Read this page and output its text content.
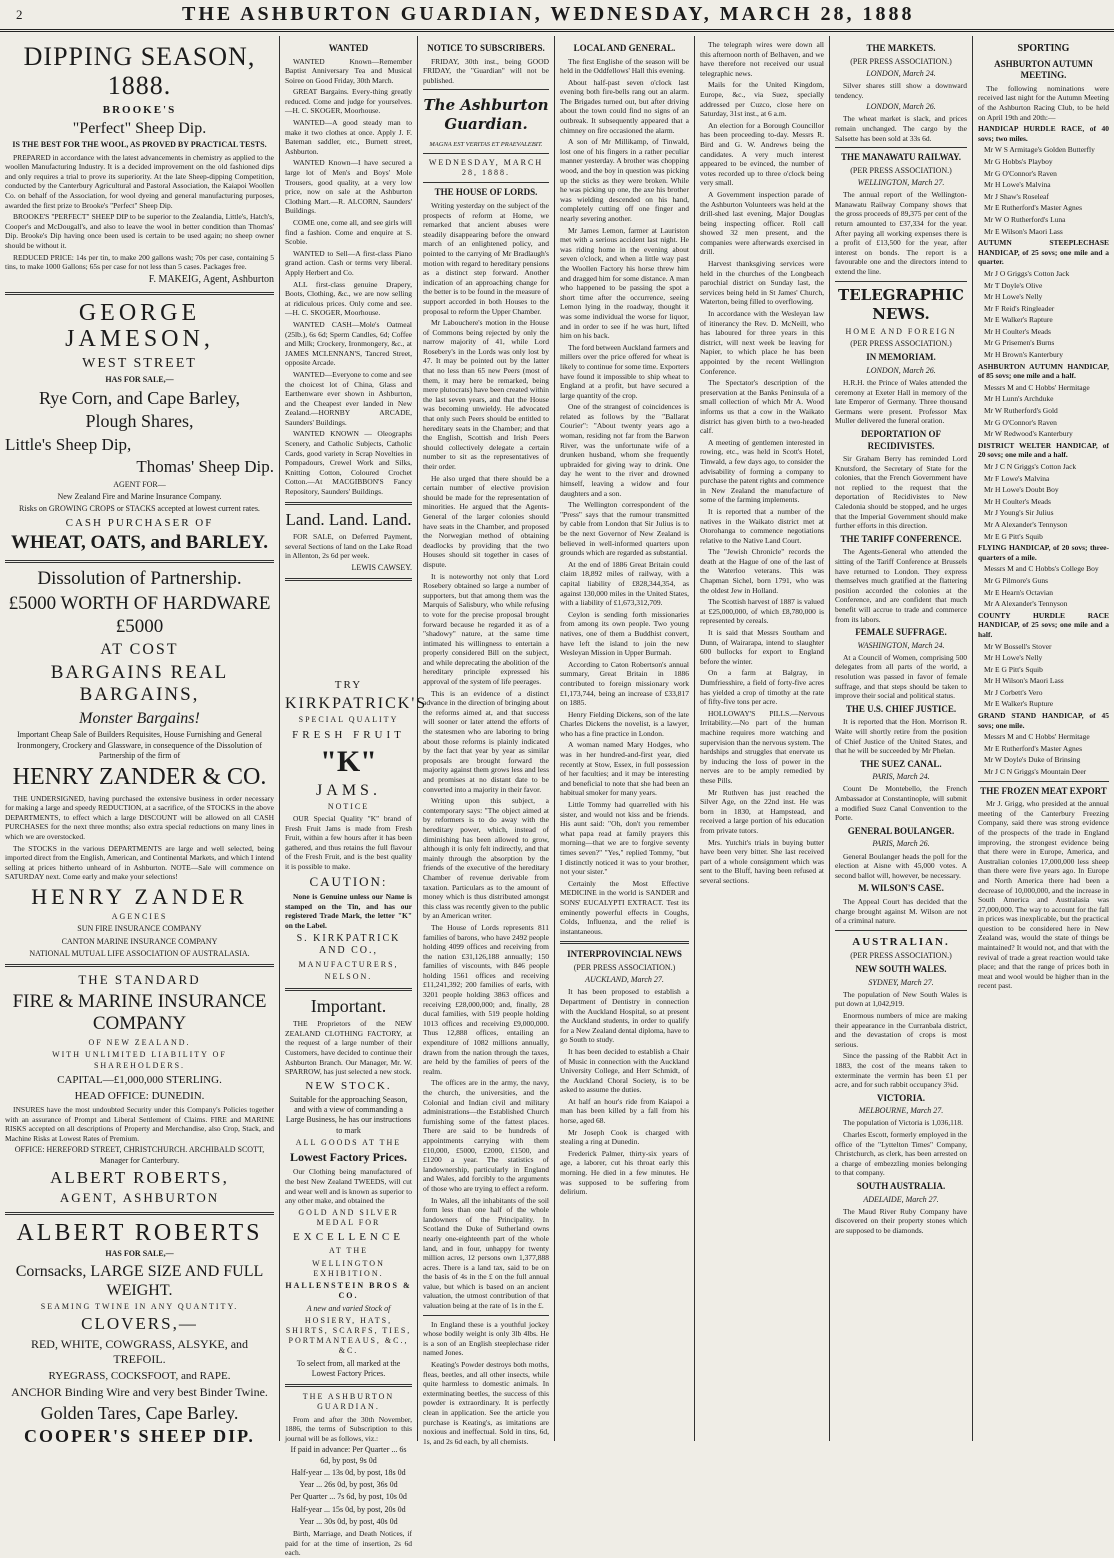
2	THE ASHBURTON GUARDIAN, WEDNESDAY, MARCH 28, 1888
DIPPING SEASON, 1888.
BROOKE'S
"Perfect" Sheep Dip.
IS THE BEST FOR THE WOOL, AS PROVED BY PRACTICAL TESTS.
PREPARED in accordance with the latest advancements in chemistry as applied to the woollen Manufacturing Industry. It is a decided improvement on the old fashioned dips and only requires a trial to prove its superiority. At the late Sheep-dipping Competition, conducted by the Canterbury Agricultural and Pastoral Association, the Kaiapoi Woollen Co. on behalf of the Association, for wool dyeing and general manufacturing purposes, awarded the first prize to Brooke's "Perfect" Sheep Dip.
BROOKE'S "PERFECT" SHEEP DIP to be superior to the Zealandia, Little's, Hatch's, Cooper's and McDougall's, and also to leave the wool in better condition than Thomas' Dip. Brooke's Dip having once been used is certain to be used again; no sheep owner should be without it.
REDUCED PRICE: 14s per tin, to make 200 gallons wash; 70s per case, containing 5 tins, to make 1000 Gallons; 65s per case for not less than 5 cases. Packages free.
F. MAKEIG, Agent, Ashburton
GEORGE JAMESON,
WEST STREET
HAS FOR SALE,—
Rye Corn, and Cape Barley,
Plough Shares,
Little's Sheep Dip,
Thomas' Sheep Dip.
AGENT FOR—
New Zealand Fire and Marine Insurance Company.
Risks on GROWING CROPS or STACKS accepted at lowest current rates.
CASH PURCHASER OF
WHEAT, OATS, and BARLEY.
Dissolution of Partnership.
£5000 WORTH OF HARDWARE £5000
AT COST
BARGAINS REAL BARGAINS,
Monster Bargains!
Important Cheap Sale of Builders Requisites, House Furnishing and General Ironmongery, Crockery and Glassware, in consequence of the Dissolution of Partnership of the firm of
HENRY ZANDER & CO.
THE UNDERSIGNED, having purchased the extensive business in order necessary for making a large and speedy REDUCTION, at a sacrifice, of the STOCKS in the above DEPARTMENTS, to effect which a large DISCOUNT will be allowed on all CASH PURCHASES for the next three months; also extra special reductions on many lines in which we are overstocked.
The STOCKS in the various DEPARTMENTS are large and well selected, being imported direct from the English, American, and Continental Markets, and which I intend selling at prices hitherto unheard of in Ashburton. NOTE—Sale will commence on SATURDAY next. Come early and make your selections!
HENRY ZANDER
AGENCIES
SUN FIRE INSURANCE COMPANY
CANTON MARINE INSURANCE COMPANY
NATIONAL MUTUAL LIFE ASSOCIATION OF AUSTRALASIA.
THE STANDARD
FIRE & MARINE INSURANCE COMPANY
OF NEW ZEALAND.
WITH UNLIMITED LIABILITY OF SHAREHOLDERS.
CAPITAL—£1,000,000 STERLING.
HEAD OFFICE: DUNEDIN.
INSURES have the most undoubted Security under this Company's Policies together with an assurance of Prompt and Liberal Settlement of Claims. FIRE and MARINE RISKS accepted on all descriptions of Property and Merchandise, also Crop, Stack, and Machine Risks at Lowest Rates of Premium.
OFFICE: HEREFORD STREET, CHRISTCHURCH. ARCHIBALD SCOTT, Manager for Canterbury.
ALBERT ROBERTS,
AGENT, ASHBURTON
ALBERT ROBERTS
HAS FOR SALE,—
Cornsacks, LARGE SIZE AND FULL WEIGHT.
SEAMING TWINE IN ANY QUANTITY.
CLOVERS,—
RED, WHITE, COWGRASS, ALSYKE, and TREFOIL.
RYEGRASS, COCKSFOOT, and RAPE.
ANCHOR Binding Wire and very best Binder Twine.
Golden Tares, Cape Barley.
COOPER'S SHEEP DIP.
WANTED
WANTED Known—Remember Baptist Anniversary Tea and Musical Soiree on Good Friday, 30th March.
GREAT Bargains. Every-thing greatly reduced. Come and judge for yourselves.—H. C. SKOGER, Moorhouse.
WANTED—A good steady man to make it two clothes at once. Apply J. F. Bateman saddler, etc., Burnett street, Ashburton.
WANTED Known—I have secured a large lot of Men's and Boys' Mole Trousers, good quality, at a very low price, now on sale at the Ashburton Clothing Mart.—R. ALCORN, Saunders' Buildings.
COME one, come all, and see girls will find a fashion. Come and enquire at S. Scobie.
WANTED to Sell—A first-class Piano grand action. Cash or terms very liberal. Apply Herbert and Co.
ALL first-class genuine Drapery, Boots, Clothing, &c., we are now selling at ridiculous prices. Only come and see.—H. C. SKOGER, Moorhouse.
WANTED CASH—Mole's Oatmeal (25lb.), 6s 6d; Sperm Candles, 6d; Coffee and Milk; Crockery, Ironmongery, &c., at JAMES MCLENNAN'S, Tancred Street, opposite Arcade.
WANTED—Everyone to come and see the choicest lot of China, Glass and Earthenware ever shown in Ashburton, and the Cheapest ever landed in New Zealand.—HORNBY ARCADE, Saunders' Buildings.
WANTED KNOWN — Oleographs Scenery, and Catholic Subjects, Catholic Cards, good variety in Scrap Novelties in Pompadours, Crewel Work and Silks, Knitting Cotton, Coloured Crochet Cotton.—At MACGIBBON'S Fancy Repository, Saunders' Buildings.
Land. Land. Land.
FOR SALE, on Deferred Payment, several Sections of land on the Lake Road in Allenton, 2s 6d per week.
LEWIS CAWSEY.
TRY
KIRKPATRICK'S
SPECIAL QUALITY
FRESH FRUIT
"K"
JAMS.
NOTICE
OUR Special Quality "K" brand of Fresh Fruit Jams is made from Fresh Fruit, within a few hours after it has been gathered, and thus retains the full flavour of the Fresh Fruit, and is the best quality it is possible to make.
CAUTION:
None is Genuine unless our Name is stamped on the Tin, and has our registered Trade Mark, the letter "K" on the Label.
S. KIRKPATRICK AND CO.,
MANUFACTURERS,
NELSON.
Important.
THE Proprietors of the NEW ZEALAND CLOTHING FACTORY, at the request of a large number of their Customers, have decided to continue their Ashburton Branch. Our Manager, Mr. W. SPARROW, has just selected a new stock.
NEW STOCK.
Suitable for the approaching Season, and with a view of commanding a Large Business, he has our instructions to mark
ALL GOODS AT THE
Lowest Factory Prices.
Our Clothing being manufactured of the best New Zealand TWEEDS, will cut and wear well and is known as superior to any other make, and obtained the
GOLD AND SILVER MEDAL FOR
EXCELLENCE
AT THE
WELLINGTON EXHIBITION.
HALLENSTEIN BROS & CO.
A new and varied Stock of
HOSIERY, HATS, SHIRTS, SCARFS, TIES, PORTMANTEAUS, &C., &C.
To select from, all marked at the Lowest Factory Prices.
THE ASHBURTON GUARDIAN.
From and after the 30th November, 1886, the terms of Subscription to this journal will be as follows, viz.:
If paid in advance: Per Quarter ... 6s 6d, by post, 9s 0d
Half-year ... 13s 0d, by post, 18s 0d
Year ... 26s 0d, by post, 36s 0d
Per Quarter ... 7s 6d, by post, 10s 0d
Half-year ... 15s 0d, by post, 20s 0d
Year ... 30s 0d, by post, 40s 0d
Birth, Marriage, and Death Notices, if paid for at the time of insertion, 2s 6d each.
NOTICE TO SUBSCRIBERS.
FRIDAY, 30th inst., being GOOD FRIDAY, the "Guardian" will not be published.
The Ashburton Guardian.
MAGNA EST VERITAS ET PRAEVALEBIT.
WEDNESDAY, MARCH 28, 1888.
THE HOUSE OF LORDS.
Writing yesterday on the subject of the prospects of reform at Home, we remarked that ancient abuses were steadily disappearing before the onward march of an enlightened policy, and pointed to the carrying of Mr Bradlaugh's motion with regard to hereditary pensions as a distinct step forward. Another indication of an approaching change for the better is to be found in the measure of support accorded in both Houses to the proposal to reform the Upper Chamber.
Mr Labouchere's motion in the House of Commons being rejected by only the narrow majority of 41, while Lord Rosebery's in the Lords was only lost by 47. It may be pointed out by the latter that no less than 65 new Peers (most of them, it may here be remarked, being mere plutocrats) have been created within the last seven years, and that the House was becoming unwieldy. He advocated that only such Peers should be entitled to hereditary seats in the Chamber; and that the English, Scottish and Irish Peers should collectively delegate a certain number to sit as the representatives of their order.
He also urged that there should be a certain number of elective provision should be made for the representation of minorities. He argued that the Agents-General of the larger colonies should have seats in the Chamber, and proposed the Norwegian method of obtaining deadlocks by providing that the two Houses should sit together in cases of dispute.
It is noteworthy not only that Lord Rosebery obtained so large a number of supporters, but that among them was the Marquis of Salisbury, who while refusing to vote for the precise proposal brought forward because he regarded it as of a "shadowy" nature, at the same time intimated his willingness to entertain a properly considered Bill on the subject, and while deprecating the abolition of the hereditary principle expressed his approval of the system of life peerages.
This is an evidence of a distinct advance in the direction of bringing about the reforms aimed at, and that success will sooner or later attend the efforts of the statesmen who are laboring to bring about those reforms is plainly indicated by the fact that year by year as similar proposals are brought forward the majority against them grows less and less and promises at no distant date to be converted into a majority in their favor.
Writing upon this subject, a contemporary says: "The object aimed at by reformers is to do away with the hereditary power, which, instead of diminishing has been allowed to grow, although it is only felt indirectly, and that mainly through the absorption by the friends of the executive of the hereditary Chamber of revenue derivable from taxation. Particulars as to the amount of money which is thus distributed amongst this class was recently given to the public by an American writer.
The House of Lords represents 811 families of barons, who have 2492 people holding 4099 offices and receiving from the nation £31,126,188 annually; 150 families of viscounts, with 846 people holding 1561 offices and receiving £11,241,392; 200 families of earls, with 3201 people holding 3863 offices and receiving £28,000,000; and, finally, 28 ducal families, with 519 people holding 1013 offices and receiving £9,000,000. Thus 12,888 offices, entailing an expenditure of 1082 millions annually, drawn from the nation through the taxes, are held by the families of peers of the realm.
The offices are in the army, the navy, the church, the universities, and the Colonial and Indian civil and military administrations—the Established Church furnishing some of the fattest places. There are said to be hundreds of appointments carrying with them £10,000, £5000, £2000, £1500, and £1200 a year. The statistics of landownership, particularly in England and Wales, add forcibly to the arguments of those who are trying to effect a reform.
In Wales, all the inhabitants of the soil form less than one half of the whole landowners of the Principality. In Scotland the Duke of Sutherland owns nearly one-eighteenth part of the whole land, and in four, unhappy for twenty million acres, 12 persons own 1,377,888 acres. There is a land tax, said to be on the basis of 4s in the £ on the full annual value, but which is based on an ancient valuation, the utmost contribution of that valuation being at the rate of 1s in the £.
In England these is a youthful jockey whose bodily weight is only 3lb 4lbs. He is a son of an English steeplechase rider named Jones.
Keating's Powder destroys both moths, fleas, beetles, and all other insects, while quite harmless to domestic animals. In exterminating beetles, the success of this powder is extraordinary. It is perfectly clean in application. See the article you purchase is Keating's, as imitations are noxious and ineffectual. Sold in tins, 6d, 1s, and 2s 6d each, by all chemists.
LOCAL AND GENERAL.
The first Englishe of the season will be held in the Oddfellows' Hall this evening.
About half-past seven o'clock last evening both fire-bells rang out an alarm. The Brigades turned out, but after driving about the town could find no signs of an outbreak. It subsequently appeared that a chimney on fire occasioned the alarm.
A son of Mr Millikamp, of Tinwald, lost one of his fingers in a rather peculiar manner yesterday. A brother was chopping wood, and the boy in question was picking up the sticks as they were broken. While he was picking up one, the axe his brother was wielding descended on his hand, completely cutting off one finger and nearly severing another.
Mr James Lemon, farmer at Lauriston met with a serious accident last night. He was riding home in the evening about seven o'clock, and when a little way past the Woollen Factory his horse threw him and dragged him for some distance. A man who happened to be passing the spot a short time after the occurrence, seeing Lemon lying in the roadway, thought it was some individual the worse for liquor, and in order to see if he was hurt, lifted him on his back.
The ford between Auckland farmers and millers over the price offered for wheat is likely to continue for some time. Exporters have found it impossible to ship wheat to England at a profit, but have secured a large quantity of the crop.
One of the strangest of coincidences is related as follows by the "Ballarat Courier": "About twenty years ago a woman, residing not far from the Barwon River, was the unfortunate wife of a drunken husband, whom she frequently upbraided for giving way to drink. One day he went to the river and drowned himself, leaving a widow and four daughters and a son.
The Wellington correspondent of the "Press" says that the rumour transmitted by cable from London that Sir Julius is to be the next Governor of New Zealand is believed in well-informed quarters upon grounds which are regarded as substantial.
At the end of 1886 Great Britain could claim 18,892 miles of railway, with a capital liability of £828,344,354, as against 130,000 miles in the United States, with a liability of £1,673,312,709.
Ceylon is sending forth missionaries from among its own people. Two young natives, one of them a Buddhist convert, have left the island to join the new Wesleyan Mission in Upper Burmah.
According to Caton Robertson's annual summary, Great Britain in 1886 contributed to foreign missionary work £1,173,744, being an increase of £33,817 on 1885.
Henry Fielding Dickens, son of the late Charles Dickens the novelist, is a lawyer, who has a fine practice in London.
A woman named Mary Hodges, who was in her hundred-and-first year, died recently at Stow, Essex, in full possession of her faculties; and it may be interesting and beneficial to note that she had been an habitual smoker for many years.
Little Tommy had quarrelled with his sister, and would not kiss and be friends. His aunt said: "Oh, don't you remember what papa read at family prayers this morning—that we are to forgive seventy times seven?" "Yes," replied Tommy, "but I distinctly noticed it was to your brother, not your sister."
Certainly the Most Effective MEDICINE in the world is SANDER and SONS' EUCALYPTI EXTRACT. Test its eminently powerful effects in Coughs, Colds, Influenza, and the relief is instantaneous.
INTERPROVINCIAL NEWS
(PER PRESS ASSOCIATION.)
AUCKLAND, March 27.
It has been proposed to establish a Department of Dentistry in connection with the Auckland Hospital, so at present the Auckland students, in order to qualify for a New Zealand dental diploma, have to go South to study.
It has been decided to establish a Chair of Music in connection with the Auckland University College, and Herr Schmidt, of the Auckland Choral Society, is to be asked to assume the duties.
At half an hour's ride from Kaiapoi a man has been killed by a fall from his horse, aged 68.
Mr Joseph Cook is charged with stealing a ring at Dunedin.
Frederick Palmer, thirty-six years of age, a laborer, cut his throat early this morning. He died in a few minutes. He was supposed to be suffering from delirium.
The telegraph wires were down all this afternoon north of Belhaven, and we have therefore not received our usual telegraphic news.
Mails for the United Kingdom, Europe, &c., via Suez, specially addressed per Cuzco, close here on Saturday, 31st inst., at 6 a.m.
An election for a Borough Councillor has been proceeding to-day. Messrs R. Bird and G. W. Andrews being the candidates. A very much interest appeared to be evinced, the number of votes recorded up to three o'clock being very small.
A Government inspection parade of the Ashburton Volunteers was held at the drill-shed last evening, Major Douglas being inspecting officer. Roll call showed 32 men present, and the companies were afterwards exercised in drill.
Harvest thanksgiving services were held in the churches of the Longbeach parochial district on Sunday last, the services being held in St James' Church, Waterton, being filled to overflowing.
In accordance with the Wesleyan law of itinerancy the Rev. D. McNeill, who has laboured for three years in this district, will next week be leaving for Napier, to which place he has been appointed by the recent Wellington Conference.
The Spectator's description of the preservation at the Banks Peninsula of a small collection of which Mr A. Wood informs us that a cow in the Waikato district has given birth to a two-headed calf.
A meeting of gentlemen interested in rowing, etc., was held in Scott's Hotel, Tinwald, a few days ago, to consider the advisability of forming a company to purchase the patent rights and commence in New Zealand the manufacture of some of the farming implements.
It is reported that a number of the natives in the Waikato district met at Otorohanga to commence negotiations relative to the Native Land Court.
The "Jewish Chronicle" records the death at the Hague of one of the last of the Waterloo veterans. This was Chapman Sichel, born 1791, who was the oldest Jew in Holland.
The Scottish harvest of 1887 is valued at £25,000,000, of which £8,780,000 is represented by cereals.
It is said that Messrs Southam and Dunn, of Wairarapa, intend to slaughter 600 bullocks for export to England before the winter.
On a farm at Balgray, in Dumfriesshire, a field of forty-five acres has yielded a crop of timothy at the rate of fifty-five tons per acre.
HOLLOWAY'S PILLS.—Nervous Irritability.—No part of the human machine requires more watching and supervision than the nervous system. The hardships and struggles that enervate us by inducing the loss of power in the nerves are to be amply remedied by these Pills.
Mr Ruthven has just reached the Silver Age, on the 22nd inst. He was born in 1830, at Hampstead, and received a large portion of his education from private tutors.
Mrs. Yutchit's trials in buying butter have been very bitter. She last received part of a whole consignment which was sent to the Bluff, having been refused at several sections.
THE MARKETS.
(PER PRESS ASSOCIATION.)
LONDON, March 24.
Silver shares still show a downward tendency.
LONDON, March 26.
The wheat market is slack, and prices remain unchanged. The cargo by the Salsette has been sold at 33s 6d.
THE MANAWATU RAILWAY.
(PER PRESS ASSOCIATION.)
WELLINGTON, March 27.
The annual report of the Wellington-Manawatu Railway Company shows that the gross proceeds of 89,375 per cent of the return amounted to £37,334 for the year. After paying all working expenses there is a profit of £13,500 for the year, after interest on bonds. The report is a favourable one and the directors intend to extend the line.
TELEGRAPHIC NEWS.
HOME AND FOREIGN
(PER PRESS ASSOCIATION.)
IN MEMORIAM.
LONDON, March 26.
H.R.H. the Prince of Wales attended the ceremony at Exeter Hall in memory of the late Emperor of Germany. Three thousand Germans were present. Professor Max Muller delivered the funeral oration.
DEPORTATION OF RECIDIVISTES.
Sir Graham Berry has reminded Lord Knutsford, the Secretary of State for the colonies, that the French Government have not replied to the request that the deportation of Recidivistes to New Caledonia should be stopped, and he urges that the Imperial Government should make further efforts in this direction.
THE TARIFF CONFERENCE.
The Agents-General who attended the sitting of the Tariff Conference at Brussels have returned to London. They express themselves much gratified at the flattering position accorded the colonies at the Conference, and are confident that much benefit will accrue to trade and commerce from its labors.
FEMALE SUFFRAGE.
WASHINGTON, March 24.
At a Council of Women, comprising 500 delegates from all parts of the world, a resolution was passed in favor of female suffrage, and that steps should be taken to improve their social and political status.
THE U.S. CHIEF JUSTICE.
It is reported that the Hon. Morrison R. Waite will shortly retire from the position of Chief Justice of the United States, and that he will be succeeded by Mr Phelan.
THE SUEZ CANAL.
PARIS, March 24.
Count De Montebello, the French Ambassador at Constantinople, will submit a modified Suez Canal Convention to the Porte.
GENERAL BOULANGER.
PARIS, March 26.
General Boulanger heads the poll for the election at Aisne with 45,000 votes. A second ballot will, however, be necessary.
M. WILSON'S CASE.
The Appeal Court has decided that the charge brought against M. Wilson are not of a criminal nature.
AUSTRALIAN.
(PER PRESS ASSOCIATION.)
NEW SOUTH WALES.
SYDNEY, March 27.
The population of New South Wales is put down at 1,042,919.
Enormous numbers of mice are making their appearance in the Curranbala district, and the devastation of crops is most serious.
Since the passing of the Rabbit Act in 1883, the cost of the means taken to exterminate the vermin has been £1 per acre, and for such rabbit occupancy 3¾d.
VICTORIA.
MELBOURNE, March 27.
The population of Victoria is 1,036,118.
Charles Escott, formerly employed in the office of the "Lyttelton Times" Company, Christchurch, as clerk, has been arrested on a charge of embezzling monies belonging to that company.
SOUTH AUSTRALIA.
ADELAIDE, March 27.
The Maud River Ruby Company have discovered on their property stones which are supposed to be diamonds.
SPORTING
ASHBURTON AUTUMN MEETING.
The following nominations were received last night for the Autumn Meeting of the Ashburton Racing Club, to be held on April 19th and 20th:—
HANDICAP HURDLE RACE, of 40 sovs; two miles.
Mr W S Armitage's Golden Butterfly
Mr G Hobbs's Playboy
Mr G O'Connor's Raven
Mr H Lowe's Malvina
Mr J Shaw's Roseleaf
Mr E Rutherford's Master Agnes
Mr W O Rutherford's Luna
Mr E Wilson's Maori Lass
AUTUMN STEEPLECHASE HANDICAP, of 25 sovs; one mile and a quarter.
Mr J O Griggs's Cotton Jack
Mr T Doyle's Olive
Mr H Lowe's Nelly
Mr F Reid's Ringleader
Mr E Walker's Rapture
Mr H Coulter's Meads
Mr G Prisemen's Burns
Mr H Brown's Kanterbury
ASHBURTON AUTUMN HANDICAP, of 85 sovs; one mile and a half.
Messrs M and C Hobbs' Hermitage
Mr H Lunn's Archduke
Mr W Rutherford's Gold
Mr G O'Connor's Raven
Mr W Redwood's Kanterbury
DISTRICT WELTER HANDICAP, of 20 sovs; one mile and a half.
Mr J C N Griggs's Cotton Jack
Mr F Lowe's Malvina
Mr H Lowe's Doubt Boy
Mr H Coulter's Meads
Mr J Young's Sir Julius
Mr A Alexander's Tennyson
Mr E G Pitt's Squib
FLYING HANDICAP, of 20 sovs; three-quarters of a mile.
Messrs M and C Hobbs's College Boy
Mr G Pilmore's Guns
Mr E Hearn's Octavian
Mr A Alexander's Tennyson
COUNTY HURDLE RACE HANDICAP, of 25 sovs; one mile and a half.
Mr W Bossell's Stover
Mr H Lowe's Nelly
Mr E G Pitt's Squib
Mr H Wilson's Maori Lass
Mr J Corbett's Vero
Mr E Walker's Rupture
GRAND STAND HANDICAP, of 45 sovs; one mile.
Messrs M and C Hobbs' Hermitage
Mr E Rutherford's Master Agnes
Mr W Doyle's Duke of Brinsing
Mr J C N Griggs's Mountain Deer
THE FROZEN MEAT EXPORT
Mr J. Grigg, who presided at the annual meeting of the Canterbury Freezing Company, said there was strong evidence of the prospects of the trade in England improving, the strongest evidence being that there were in Europe, America, and Australian colonies 17,000,000 less sheep than there were five years ago. In Europe and North America there had been a decrease of 10,000,000, and the increase in South America and Australasia was 27,000,000. The way to account for the fall in prices was inexplicable, but the practical question to be considered here in New Zealand was, would the state of things be maintained? It would not, and that with the revival of trade a great reaction would take place; and that the range of prices both in meat and wool would be higher than in the recent past.
